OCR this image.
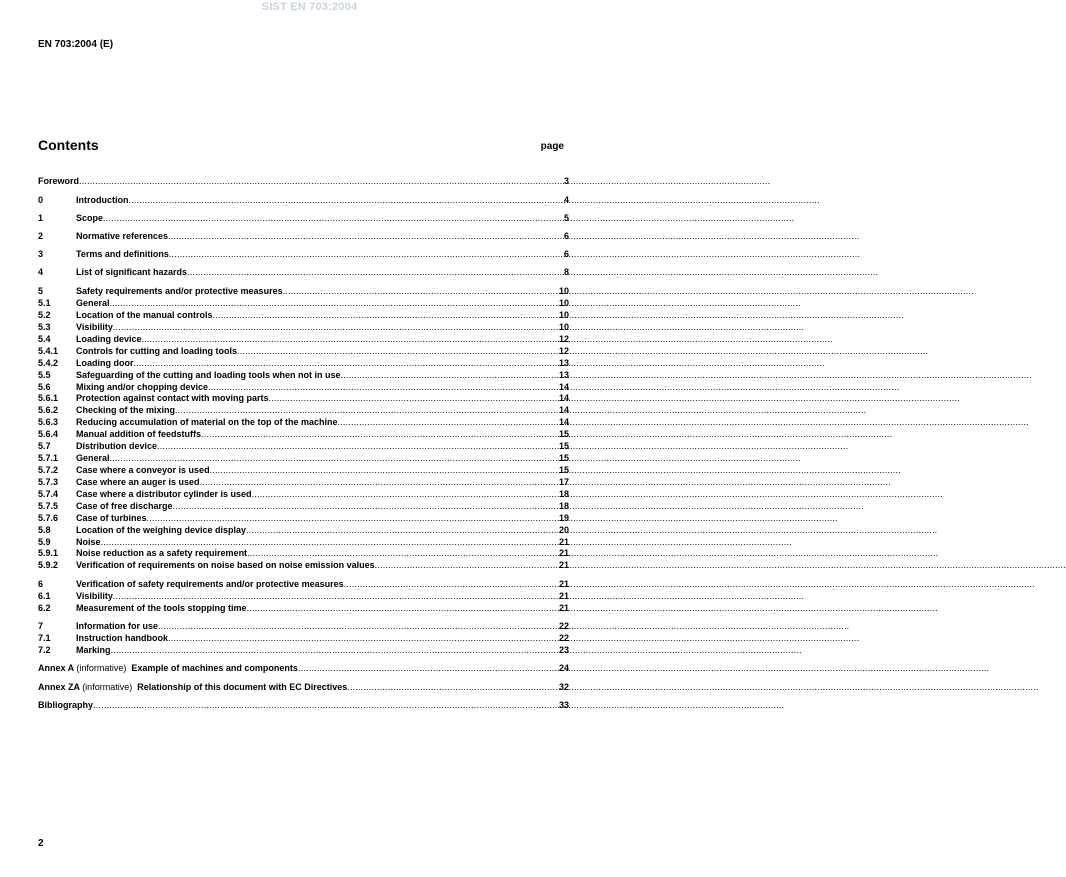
SIST EN 703:2004
EN 703:2004 (E)
Contents	page
Foreword .....	3
0	Introduction .....	4
1	Scope .....	5
2	Normative references .....	6
3	Terms and definitions .....	6
4	List of significant hazards .....	8
5	Safety requirements and/or protective measures .....	10
5.1	General .....	10
5.2	Location of the manual controls .....	10
5.3	Visibility .....	10
5.4	Loading device .....	12
5.4.1	Controls for cutting and loading tools .....	12
5.4.2	Loading door .....	13
5.5	Safeguarding of the cutting and loading tools when not in use .....	13
5.6	Mixing and/or chopping device .....	14
5.6.1	Protection against contact with moving parts .....	14
5.6.2	Checking of the mixing .....	14
5.6.3	Reducing accumulation of material on the top of the machine .....	14
5.6.4	Manual addition of feedstuffs .....	15
5.7	Distribution device .....	15
5.7.1	General .....	15
5.7.2	Case where a conveyor is used .....	15
5.7.3	Case where an auger is used .....	17
5.7.4	Case where a distributor cylinder is used .....	18
5.7.5	Case of free discharge .....	18
5.7.6	Case of turbines .....	19
5.8	Location of the weighing device display .....	20
5.9	Noise .....	21
5.9.1	Noise reduction as a safety requirement .....	21
5.9.2	Verification of requirements on noise based on noise emission values .....	21
6	Verification of safety requirements and/or protective measures .....	21
6.1	Visibility .....	21
6.2	Measurement of the tools stopping time .....	21
7	Information for use .....	22
7.1	Instruction handbook .....	22
7.2	Marking .....	23
Annex A (informative) Example of machines and components .....	24
Annex ZA (informative) Relationship of this document with EC Directives .....	32
Bibliography .....	33
2
